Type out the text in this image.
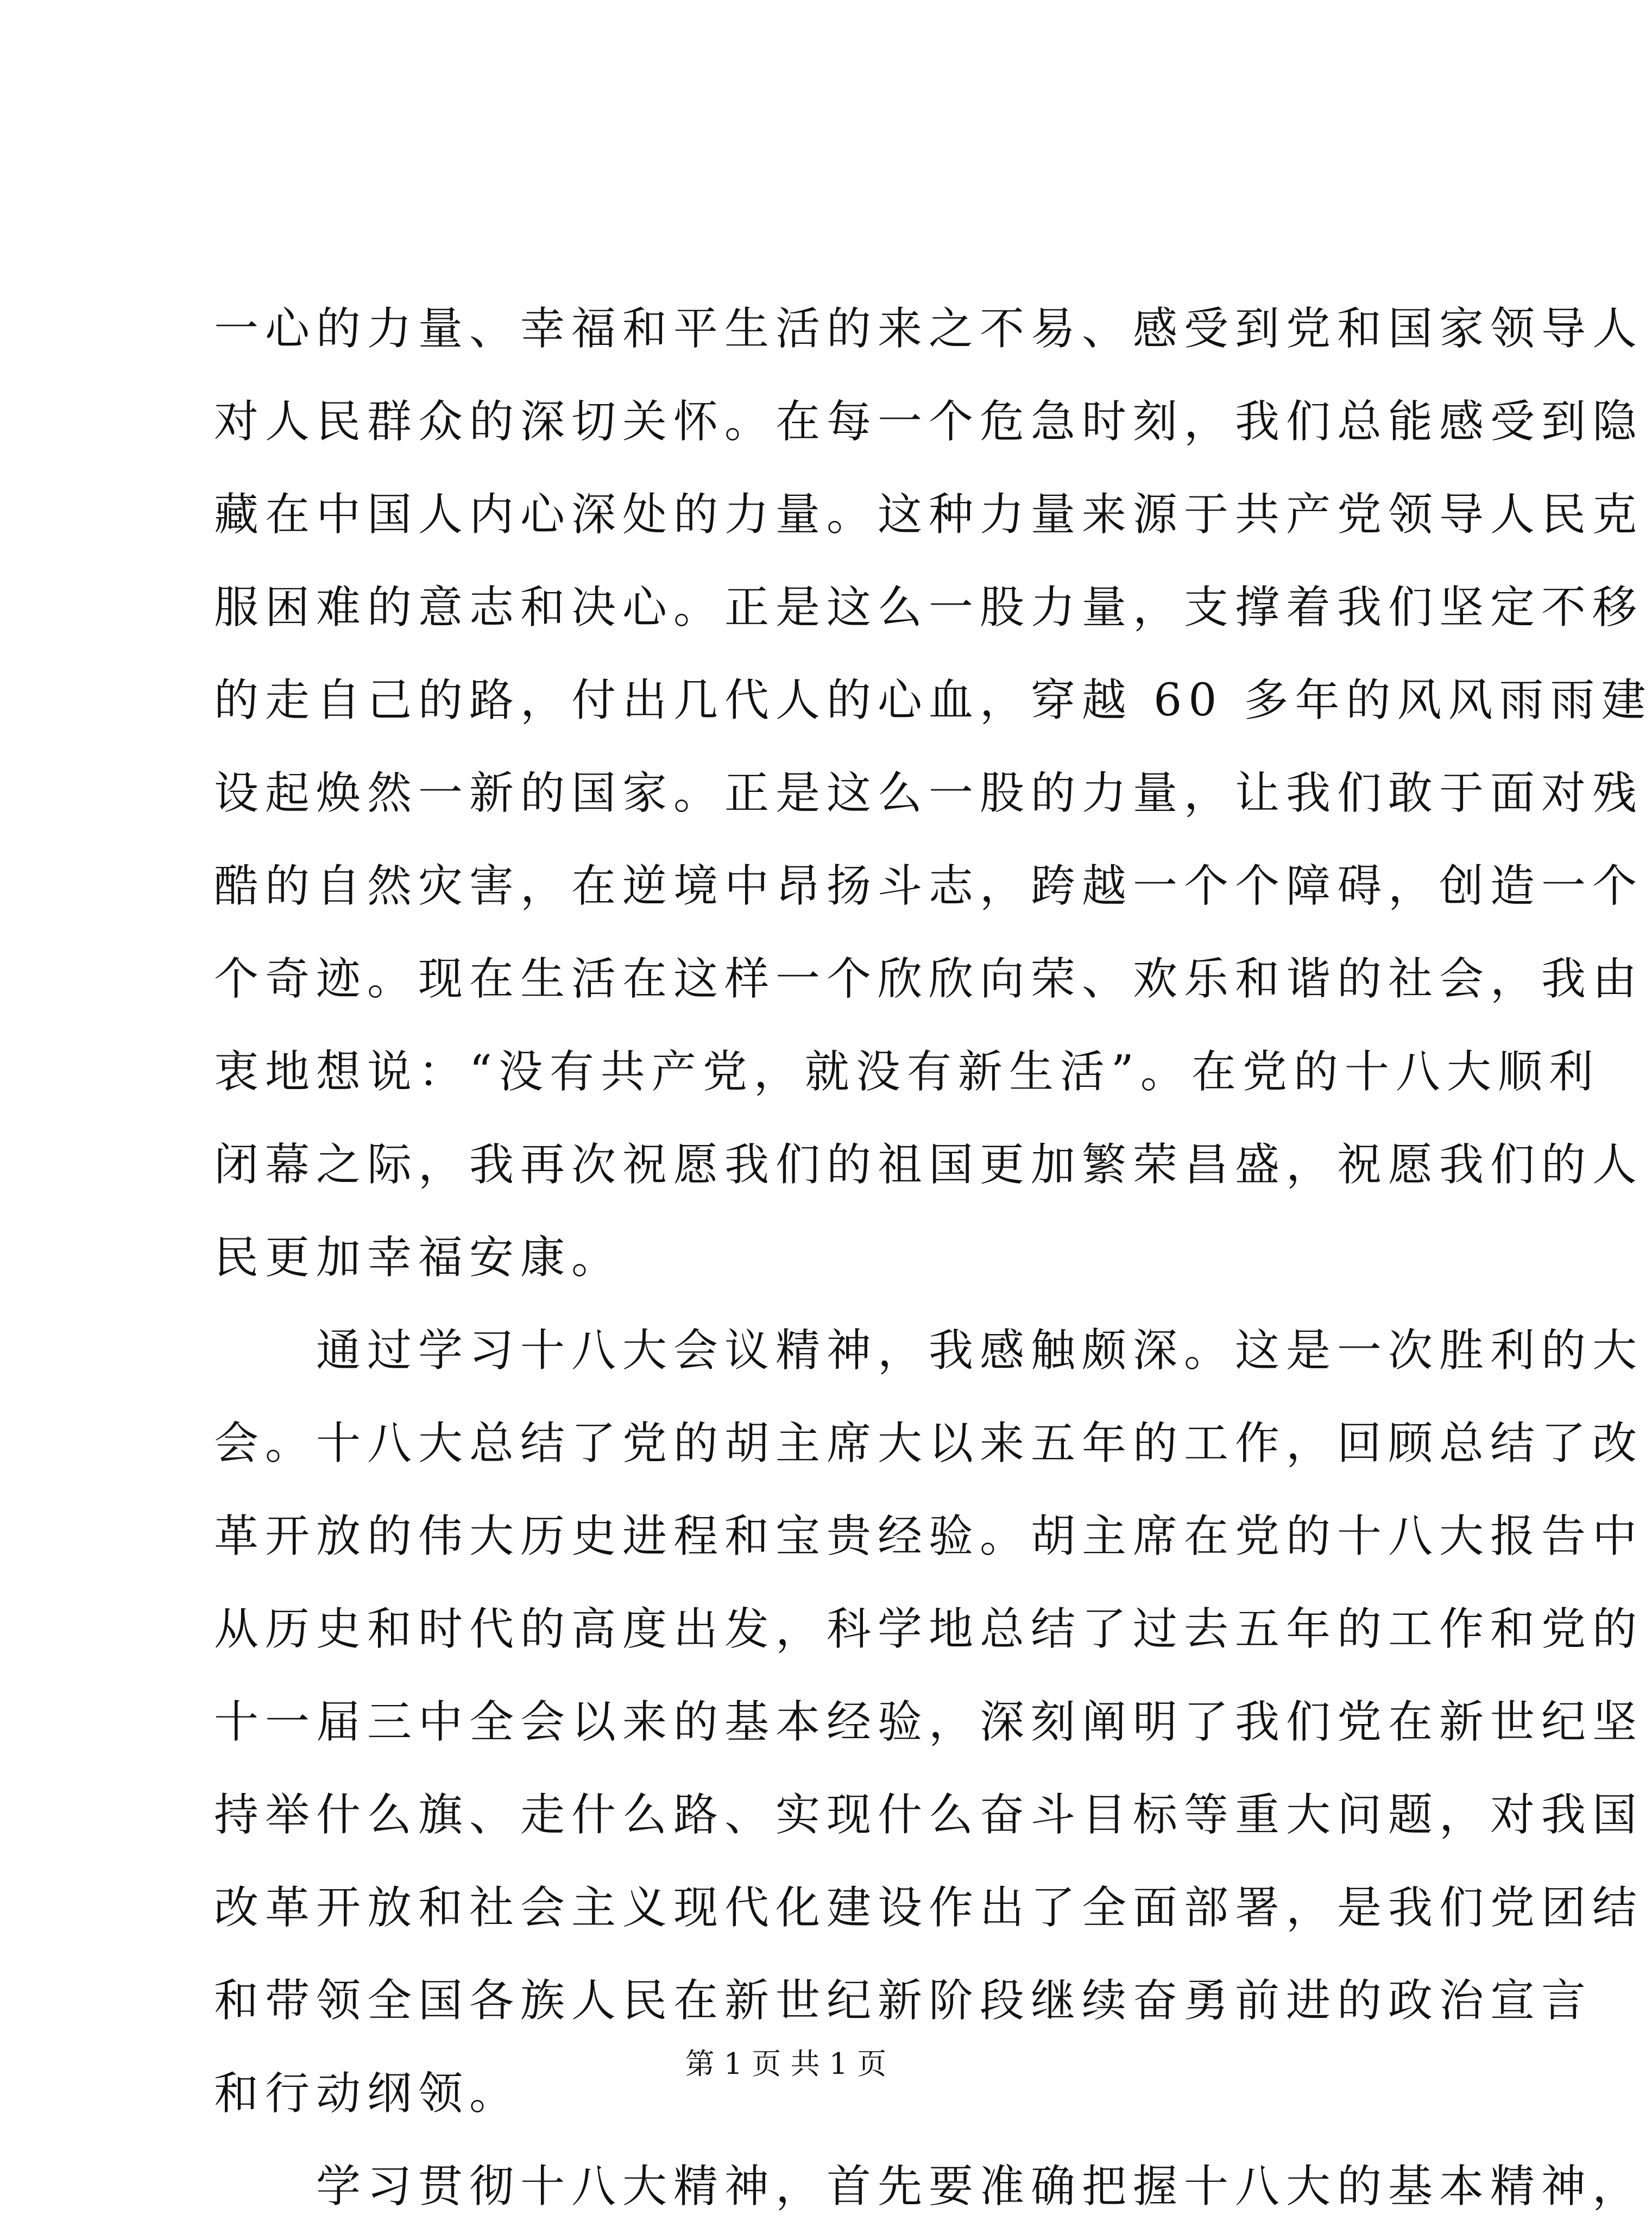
一心的力量、幸福和平生活的来之不易、感受到党和国家领导人
对人民群众的深切关怀。在每一个危急时刻，我们总能感受到隐
藏在中国人内心深处的力量。这种力量来源于共产党领导人民克
服困难的意志和决心。正是这么一股力量，支撑着我们坚定不移
的走自己的路，付出几代人的心血，穿越 60 多年的风风雨雨建
设起焕然一新的国家。正是这么一股的力量，让我们敢于面对残
酷的自然灾害，在逆境中昂扬斗志，跨越一个个障碍，创造一个
个奇迹。现在生活在这样一个欣欣向荣、欢乐和谐的社会，我由
衷地想说：“没有共产党，就没有新生活”。在党的十八大顺利
闭幕之际，我再次祝愿我们的祖国更加繁荣昌盛，祝愿我们的人
民更加幸福安康。
　　通过学习十八大会议精神，我感触颇深。这是一次胜利的大
会。十八大总结了党的胡主席大以来五年的工作，回顾总结了改
革开放的伟大历史进程和宝贵经验。胡主席在党的十八大报告中
从历史和时代的高度出发，科学地总结了过去五年的工作和党的
十一届三中全会以来的基本经验，深刻阐明了我们党在新世纪坚
持举什么旗、走什么路、实现什么奋斗目标等重大问题，对我国
改革开放和社会主义现代化建设作出了全面部署，是我们党团结
和带领全国各族人民在新世纪新阶段继续奋勇前进的政治宣言
和行动纲领。
　　学习贯彻十八大精神，首先要准确把握十八大的基本精神，
第 1 页 共 1 页
